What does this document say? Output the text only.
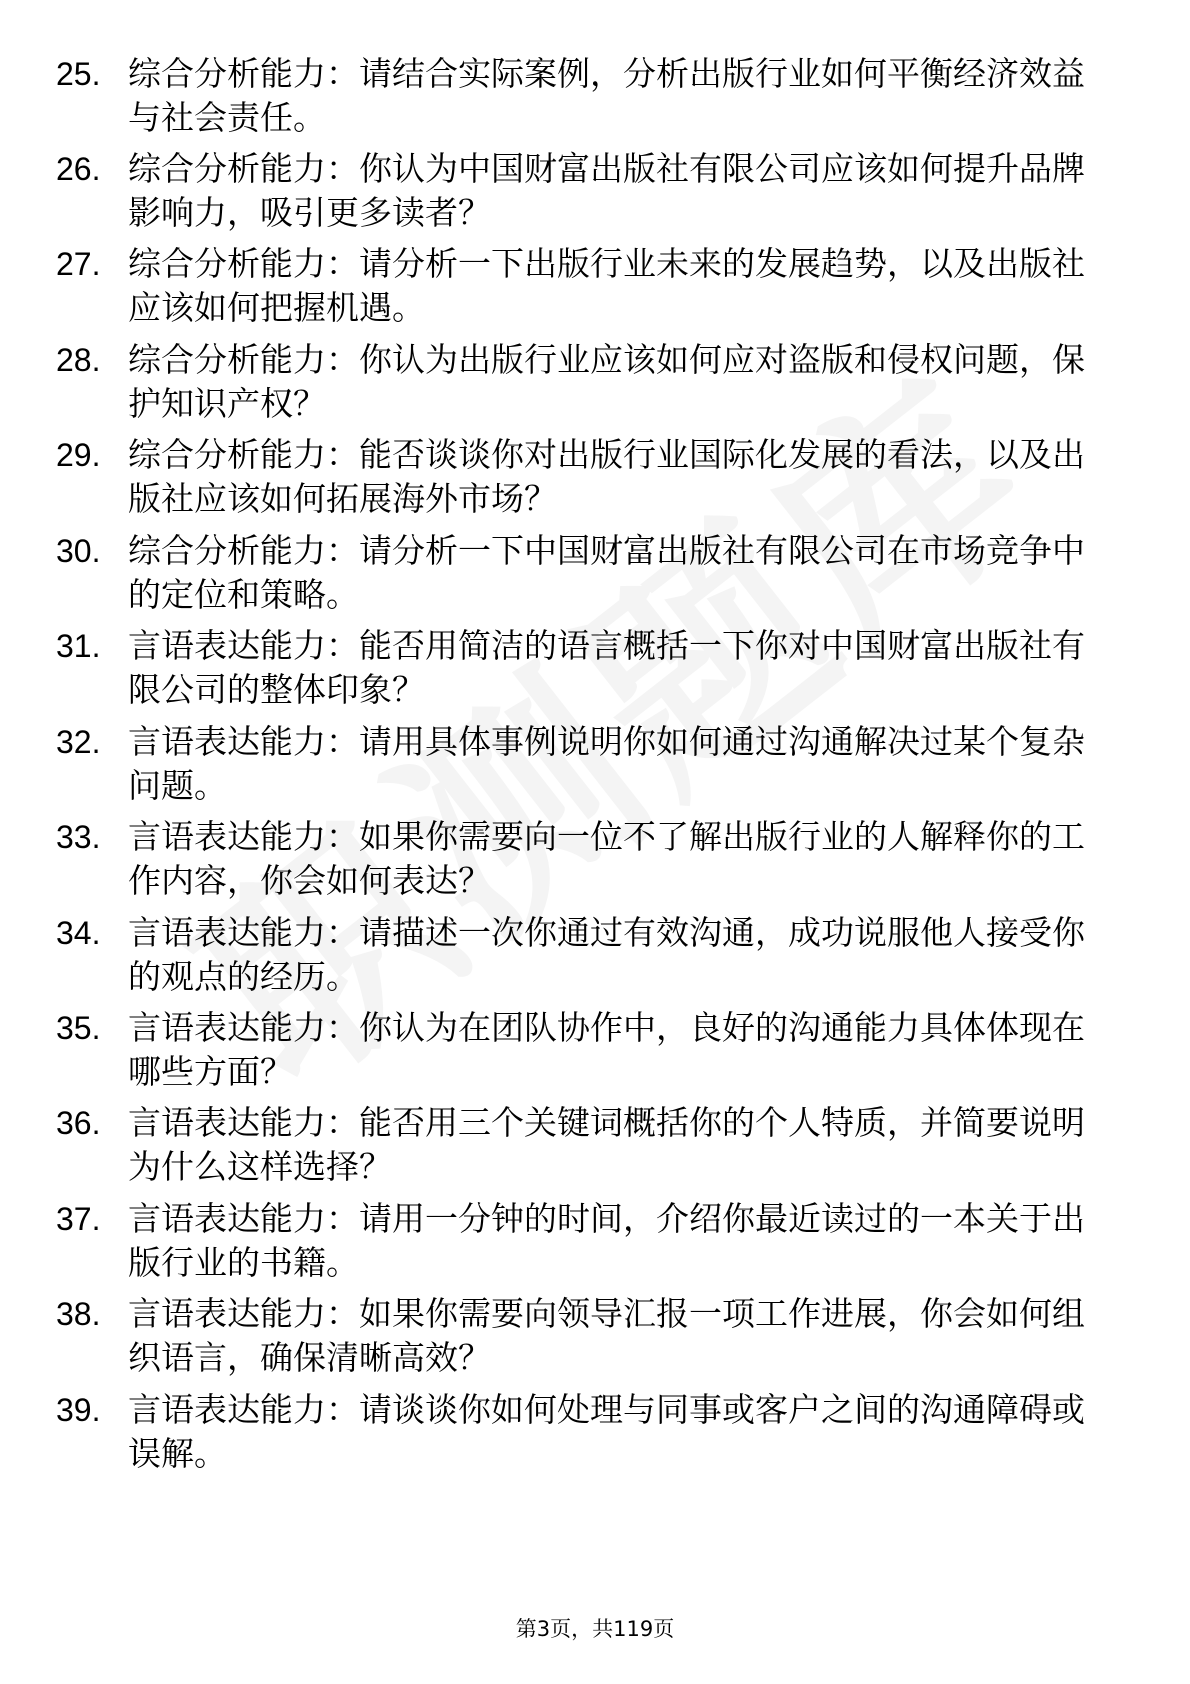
25. 综合分析能力：请结合实际案例，分析出版行业如何平衡经济效益与社会责任。
26. 综合分析能力：你认为中国财富出版社有限公司应该如何提升品牌影响力，吸引更多读者？
27. 综合分析能力：请分析一下出版行业未来的发展趋势，以及出版社应该如何把握机遇。
28. 综合分析能力：你认为出版行业应该如何应对盗版和侵权问题，保护知识产权？
29. 综合分析能力：能否谈谈你对出版行业国际化发展的看法，以及出版社应该如何拓展海外市场？
30. 综合分析能力：请分析一下中国财富出版社有限公司在市场竞争中的定位和策略。
31. 言语表达能力：能否用简洁的语言概括一下你对中国财富出版社有限公司的整体印象？
32. 言语表达能力：请用具体事例说明你如何通过沟通解决过某个复杂问题。
33. 言语表达能力：如果你需要向一位不了解出版行业的人解释你的工作内容，你会如何表达？
34. 言语表达能力：请描述一次你通过有效沟通，成功说服他人接受你的观点的经历。
35. 言语表达能力：你认为在团队协作中，良好的沟通能力具体体现在哪些方面？
36. 言语表达能力：能否用三个关键词概括你的个人特质，并简要说明为什么这样选择？
37. 言语表达能力：请用一分钟的时间，介绍你最近读过的一本关于出版行业的书籍。
38. 言语表达能力：如果你需要向领导汇报一项工作进展，你会如何组织语言，确保清晰高效？
39. 言语表达能力：请谈谈你如何处理与同事或客户之间的沟通障碍或误解。
第3页，共119页
